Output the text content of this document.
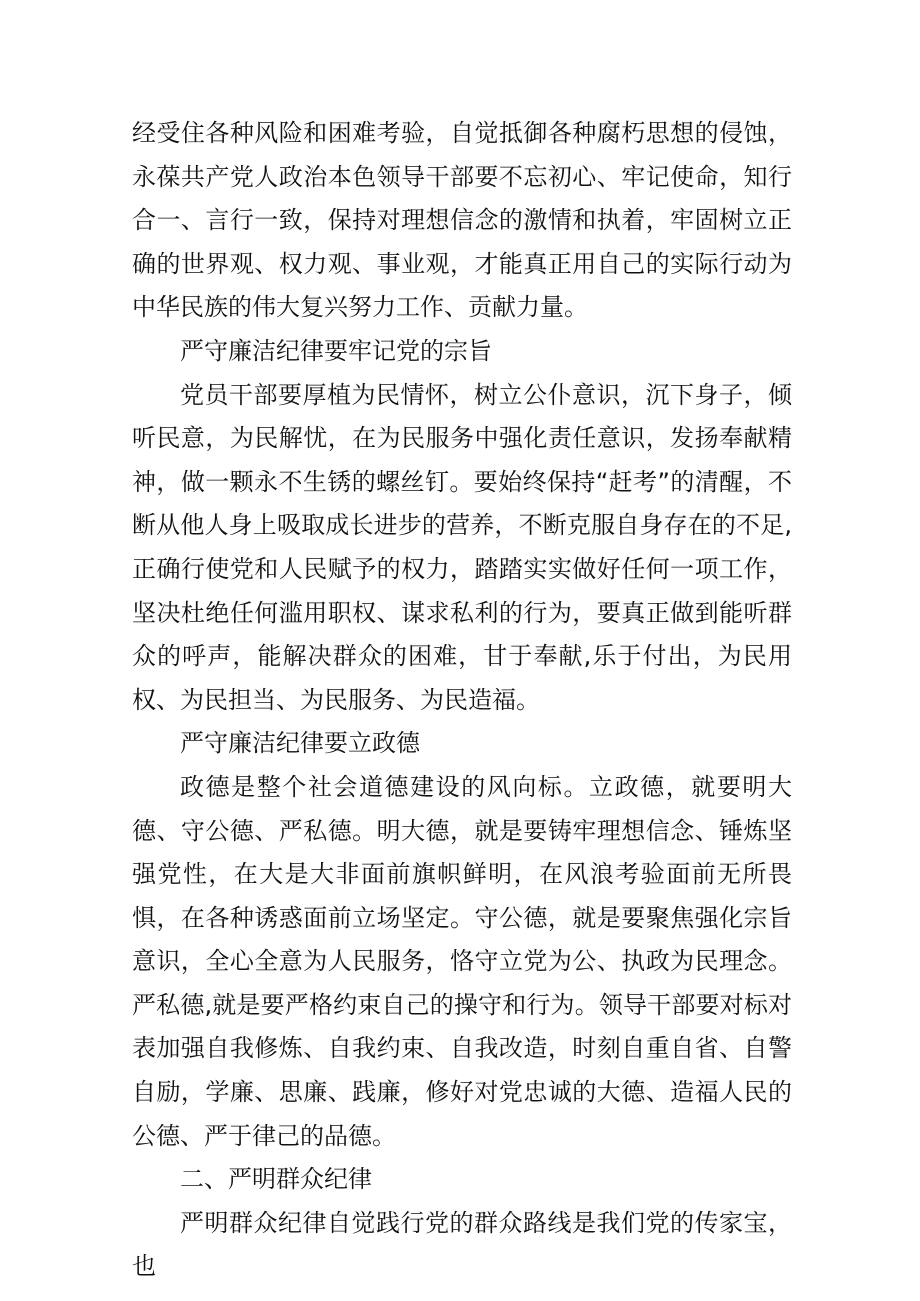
经受住各种风险和困难考验，自觉抵御各种腐朽思想的侵蚀，永葆共产党人政治本色领导干部要不忘初心、牢记使命，知行合一、言行一致，保持对理想信念的激情和执着，牢固树立正确的世界观、权力观、事业观，才能真正用自己的实际行动为中华民族的伟大复兴努力工作、贡献力量。

严守廉洁纪律要牢记党的宗旨

党员干部要厚植为民情怀，树立公仆意识，沉下身子，倾听民意，为民解忧，在为民服务中强化责任意识，发扬奉献精神，做一颗永不生锈的螺丝钉。要始终保持“赶考”的清醒，不断从他人身上吸取成长进步的营养，不断克服自身存在的不足,正确行使党和人民赋予的权力，踏踏实实做好任何一项工作，坚决杜绝任何滥用职权、谋求私利的行为，要真正做到能听群众的呼声，能解决群众的困难，甘于奉献,乐于付出，为民用权、为民担当、为民服务、为民造福。

严守廉洁纪律要立政德

政德是整个社会道德建设的风向标。立政德，就要明大德、守公德、严私德。明大德，就是要铸牢理想信念、锤炼坚强党性，在大是大非面前旗帜鲜明，在风浪考验面前无所畏惧，在各种诱惑面前立场坚定。守公德，就是要聚焦强化宗旨意识，全心全意为人民服务，恪守立党为公、执政为民理念。严私德,就是要严格约束自己的操守和行为。领导干部要对标对表加强自我修炼、自我约束、自我改造，时刻自重自省、自警自励，学廉、思廉、践廉，修好对党忠诚的大德、造福人民的公德、严于律己的品德。

二、严明群众纪律

严明群众纪律自觉践行党的群众路线是我们党的传家宝，也
